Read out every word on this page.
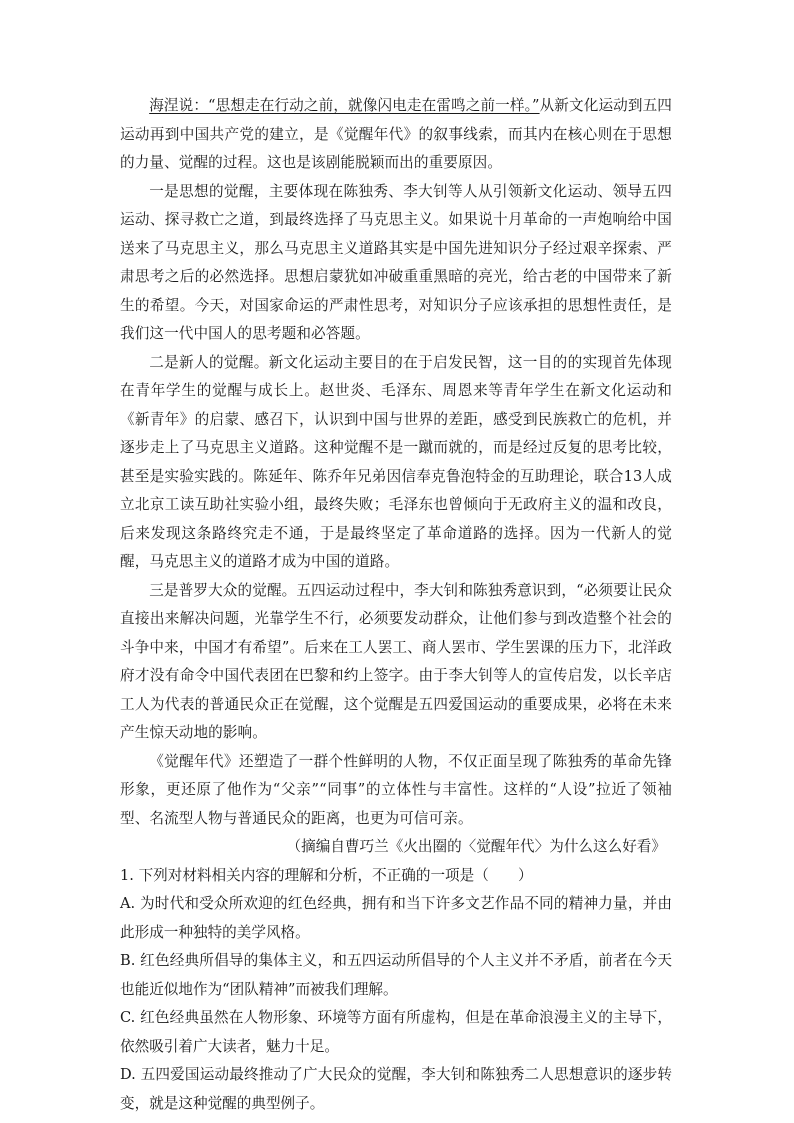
海涅说：“思想走在行动之前，就像闪电走在雷鸣之前一样。”从新文化运动到五四运动再到中国共产党的建立，是《觉醒年代》的叙事线索，而其内在核心则在于思想的力量、觉醒的过程。这也是该剧能脱颖而出的重要原因。

一是思想的觉醒，主要体现在陈独秀、李大钊等人从引领新文化运动、领导五四运动、探寻救亡之道，到最终选择了马克思主义。如果说十月革命的一声炮响给中国送来了马克思主义，那么马克思主义道路其实是中国先进知识分子经过艰辛探索、严肃思考之后的必然选择。思想启蒙犹如冲破重重黑暗的亮光，给古老的中国带来了新生的希望。今天，对国家命运的严肃性思考，对知识分子应该承担的思想性责任，是我们这一代中国人的思考题和必答题。

二是新人的觉醒。新文化运动主要目的在于启发民智，这一目的的实现首先体现在青年学生的觉醒与成长上。赵世炎、毛泽东、周恩来等青年学生在新文化运动和《新青年》的启蒙、感召下，认识到中国与世界的差距，感受到民族救亡的危机，并逐步走上了马克思主义道路。这种觉醒不是一蹴而就的，而是经过反复的思考比较，甚至是实验实践的。陈延年、陈乔年兄弟因信奉克鲁泡特金的互助理论，联合13人成立北京工读互助社实验小组，最终失败；毛泽东也曾倾向于无政府主义的温和改良，后来发现这条路终究走不通，于是最终坚定了革命道路的选择。因为一代新人的觉醒，马克思主义的道路才成为中国的道路。

三是普罗大众的觉醒。五四运动过程中，李大钊和陈独秀意识到，“必须要让民众直接出来解决问题，光靠学生不行，必须要发动群众，让他们参与到改造整个社会的斗争中来，中国才有希望”。后来在工人罢工、商人罢市、学生罢课的压力下，北洋政府才没有命令中国代表团在巴黎和约上签字。由于李大钊等人的宣传启发，以长辛店工人为代表的普通民众正在觉醒，这个觉醒是五四爱国运动的重要成果，必将在未来产生惊天动地的影响。

《觉醒年代》还塑造了一群个性鲜明的人物，不仅正面呈现了陈独秀的革命先锋形象，更还原了他作为“父亲”“同事”的立体性与丰富性。这样的“人设”拉近了领袖型、名流型人物与普通民众的距离，也更为可信可亲。

（摘编自曹巧兰《火出圈的〈觉醒年代〉为什么这么好看》

1. 下列对材料相关内容的理解和分析，不正确的一项是（　　）

A. 为时代和受众所欢迎的红色经典，拥有和当下许多文艺作品不同的精神力量，并由此形成一种独特的美学风格。

B. 红色经典所倡导的集体主义，和五四运动所倡导的个人主义并不矛盾，前者在今天也能近似地作为“团队精神”而被我们理解。

C. 红色经典虽然在人物形象、环境等方面有所虚构，但是在革命浪漫主义的主导下，依然吸引着广大读者，魅力十足。

D. 五四爱国运动最终推动了广大民众的觉醒，李大钊和陈独秀二人思想意识的逐步转变，就是这种觉醒的典型例子。
